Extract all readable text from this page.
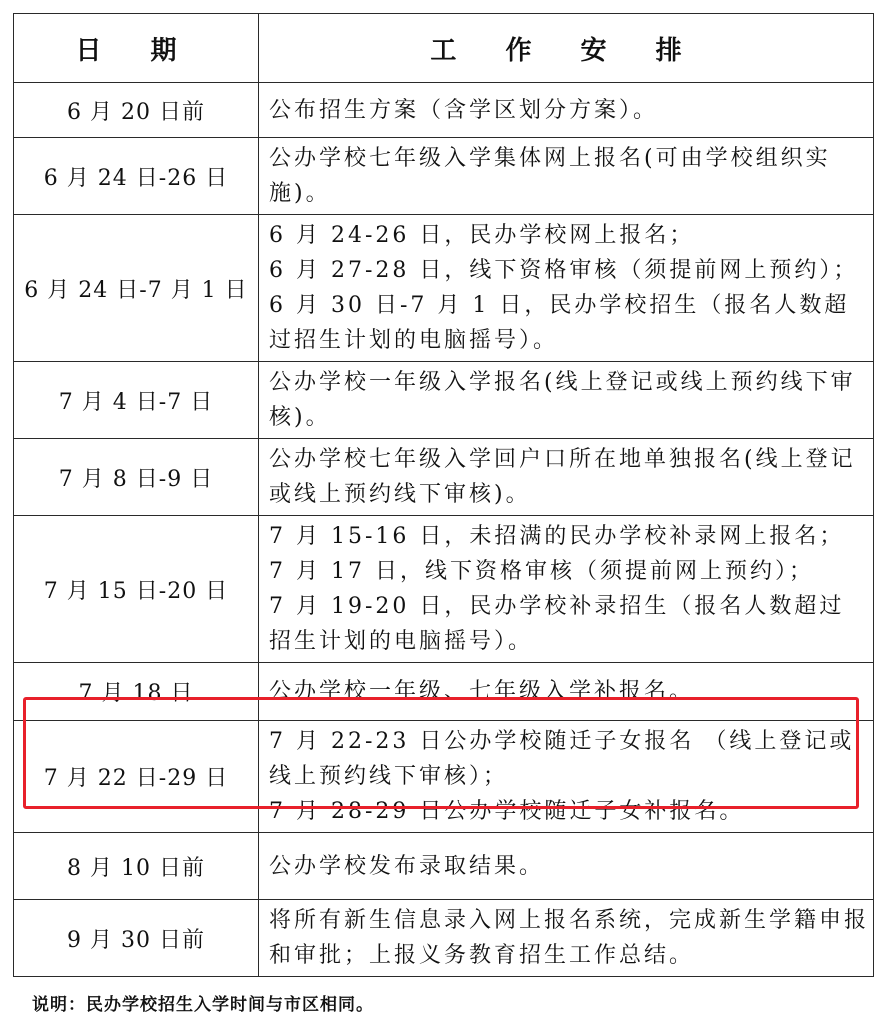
日 期	工 作 安 排
6 月 20 日前	公布招生方案（含学区划分方案）。
6 月 24 日-26 日	公办学校七年级入学集体网上报名(可由学校组织实施)。
6 月 24 日-7 月 1 日	6 月 24-26 日，民办学校网上报名；
6 月 27-28 日，线下资格审核（须提前网上预约）；
6 月 30 日-7 月 1 日，民办学校招生（报名人数超过招生计划的电脑摇号）。
7 月 4 日-7 日	公办学校一年级入学报名(线上登记或线上预约线下审核)。
7 月 8 日-9 日	公办学校七年级入学回户口所在地单独报名(线上登记或线上预约线下审核)。
7 月 15 日-20 日	7 月 15-16 日，未招满的民办学校补录网上报名；
7 月 17 日，线下资格审核（须提前网上预约）；
7 月 19-20 日，民办学校补录招生（报名人数超过招生计划的电脑摇号）。
7 月 18 日	公办学校一年级、七年级入学补报名。
7 月 22 日-29 日	7 月 22-23 日公办学校随迁子女报名 （线上登记或线上预约线下审核）；
7 月 28-29 日公办学校随迁子女补报名。
8 月 10 日前	公办学校发布录取结果。
9 月 30 日前	将所有新生信息录入网上报名系统，完成新生学籍申报和审批；上报义务教育招生工作总结。
说明：民办学校招生入学时间与市区相同。
